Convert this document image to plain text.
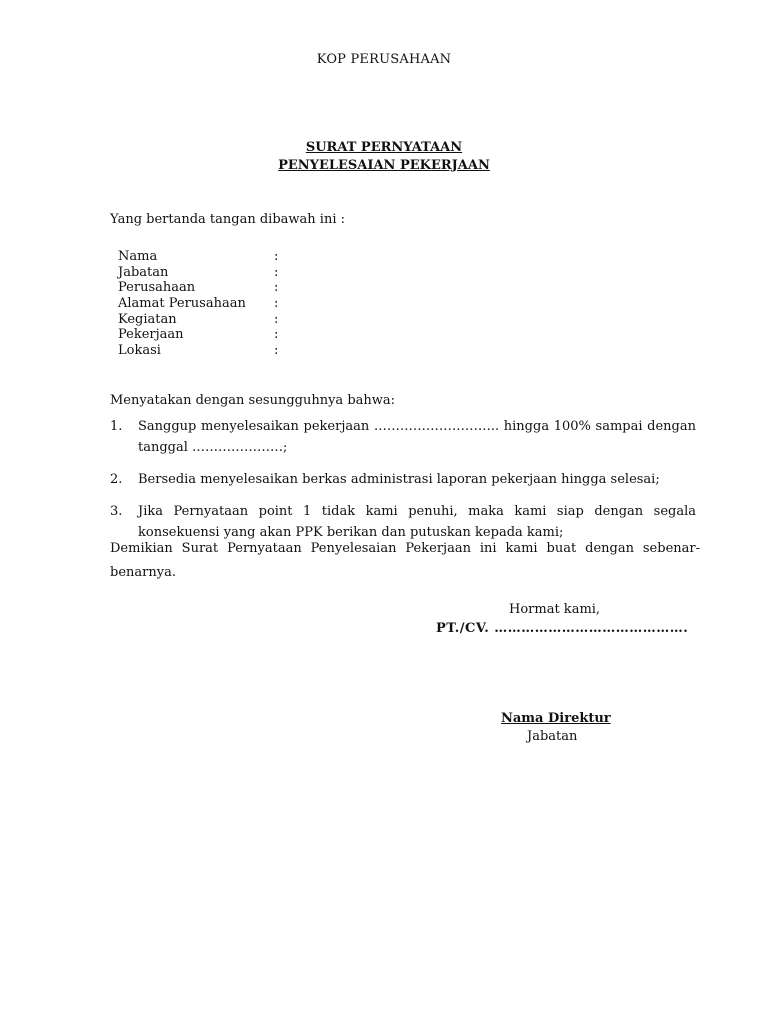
KOP PERUSAHAAN
SURAT PERNYATAAN
PENYELESAIAN PEKERJAAN
Yang bertanda tangan dibawah ini :
Nama	:
Jabatan	:
Perusahaan	:
Alamat Perusahaan :
Kegiatan	:
Pekerjaan	:
Lokasi	:
Menyatakan dengan sesungguhnya bahwa:
1. Sanggup menyelesaikan pekerjaan ……………………….. hingga 100% sampai dengan tanggal …………………;
2. Bersedia menyelesaikan berkas administrasi laporan pekerjaan hingga selesai;
3. Jika Pernyataan point 1 tidak kami penuhi, maka kami siap dengan segala konsekuensi yang akan PPK berikan dan putuskan kepada kami;
Demikian Surat Pernyataan Penyelesaian Pekerjaan ini kami buat dengan sebenar-benarnya.
Hormat kami,
PT./CV. …………………………………….
Nama Direktur
Jabatan
